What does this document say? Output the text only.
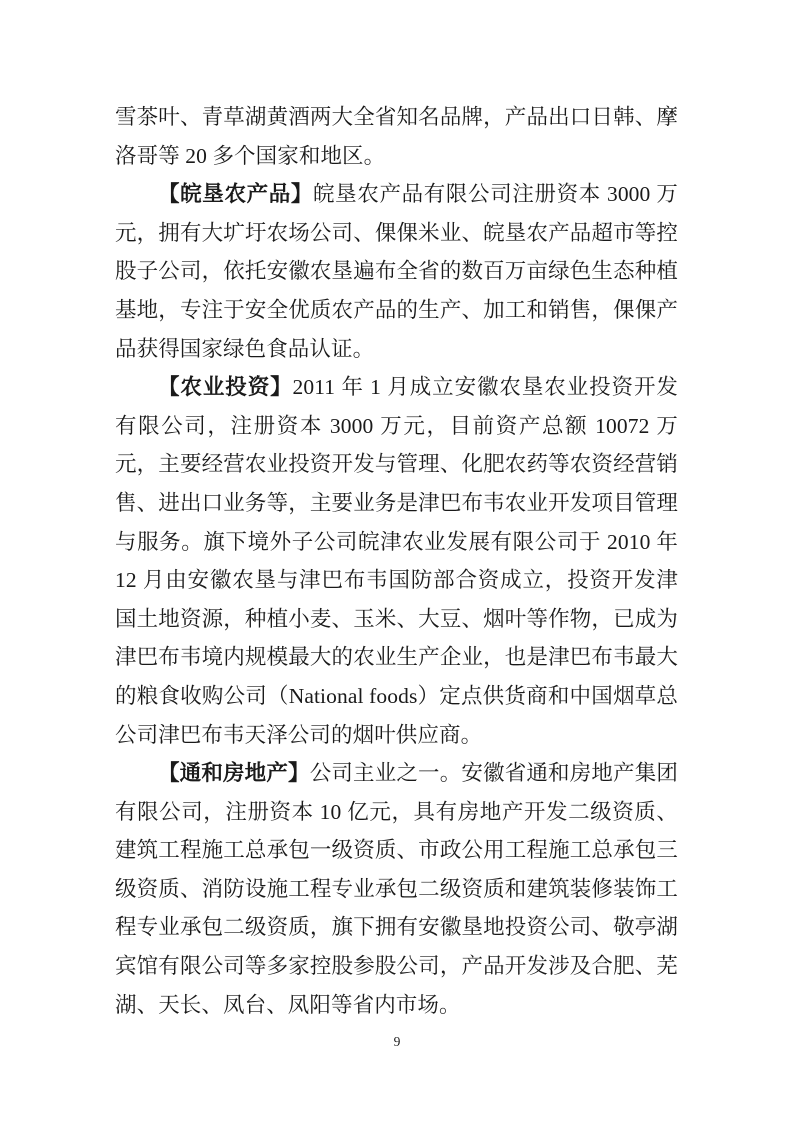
雪茶叶、青草湖黄酒两大全省知名品牌，产品出口日韩、摩洛哥等 20 多个国家和地区。

【皖垦农产品】皖垦农产品有限公司注册资本 3000 万元，拥有大圹圩农场公司、倮倮米业、皖垦农产品超市等控股子公司，依托安徽农垦遍布全省的数百万亩绿色生态种植基地，专注于安全优质农产品的生产、加工和销售，倮倮产品获得国家绿色食品认证。

【农业投资】2011 年 1 月成立安徽农垦农业投资开发有限公司，注册资本 3000 万元，目前资产总额 10072 万元，主要经营农业投资开发与管理、化肥农药等农资经营销售、进出口业务等，主要业务是津巴布韦农业开发项目管理与服务。旗下境外子公司皖津农业发展有限公司于 2010 年 12 月由安徽农垦与津巴布韦国防部合资成立，投资开发津国土地资源，种植小麦、玉米、大豆、烟叶等作物，已成为津巴布韦境内规模最大的农业生产企业，也是津巴布韦最大的粮食收购公司（National foods）定点供货商和中国烟草总公司津巴布韦天泽公司的烟叶供应商。

【通和房地产】公司主业之一。安徽省通和房地产集团有限公司，注册资本 10 亿元，具有房地产开发二级资质、建筑工程施工总承包一级资质、市政公用工程施工总承包三级资质、消防设施工程专业承包二级资质和建筑装修装饰工程专业承包二级资质，旗下拥有安徽垦地投资公司、敬亭湖宾馆有限公司等多家控股参股公司，产品开发涉及合肥、芜湖、天长、凤台、凤阳等省内市场。

9
